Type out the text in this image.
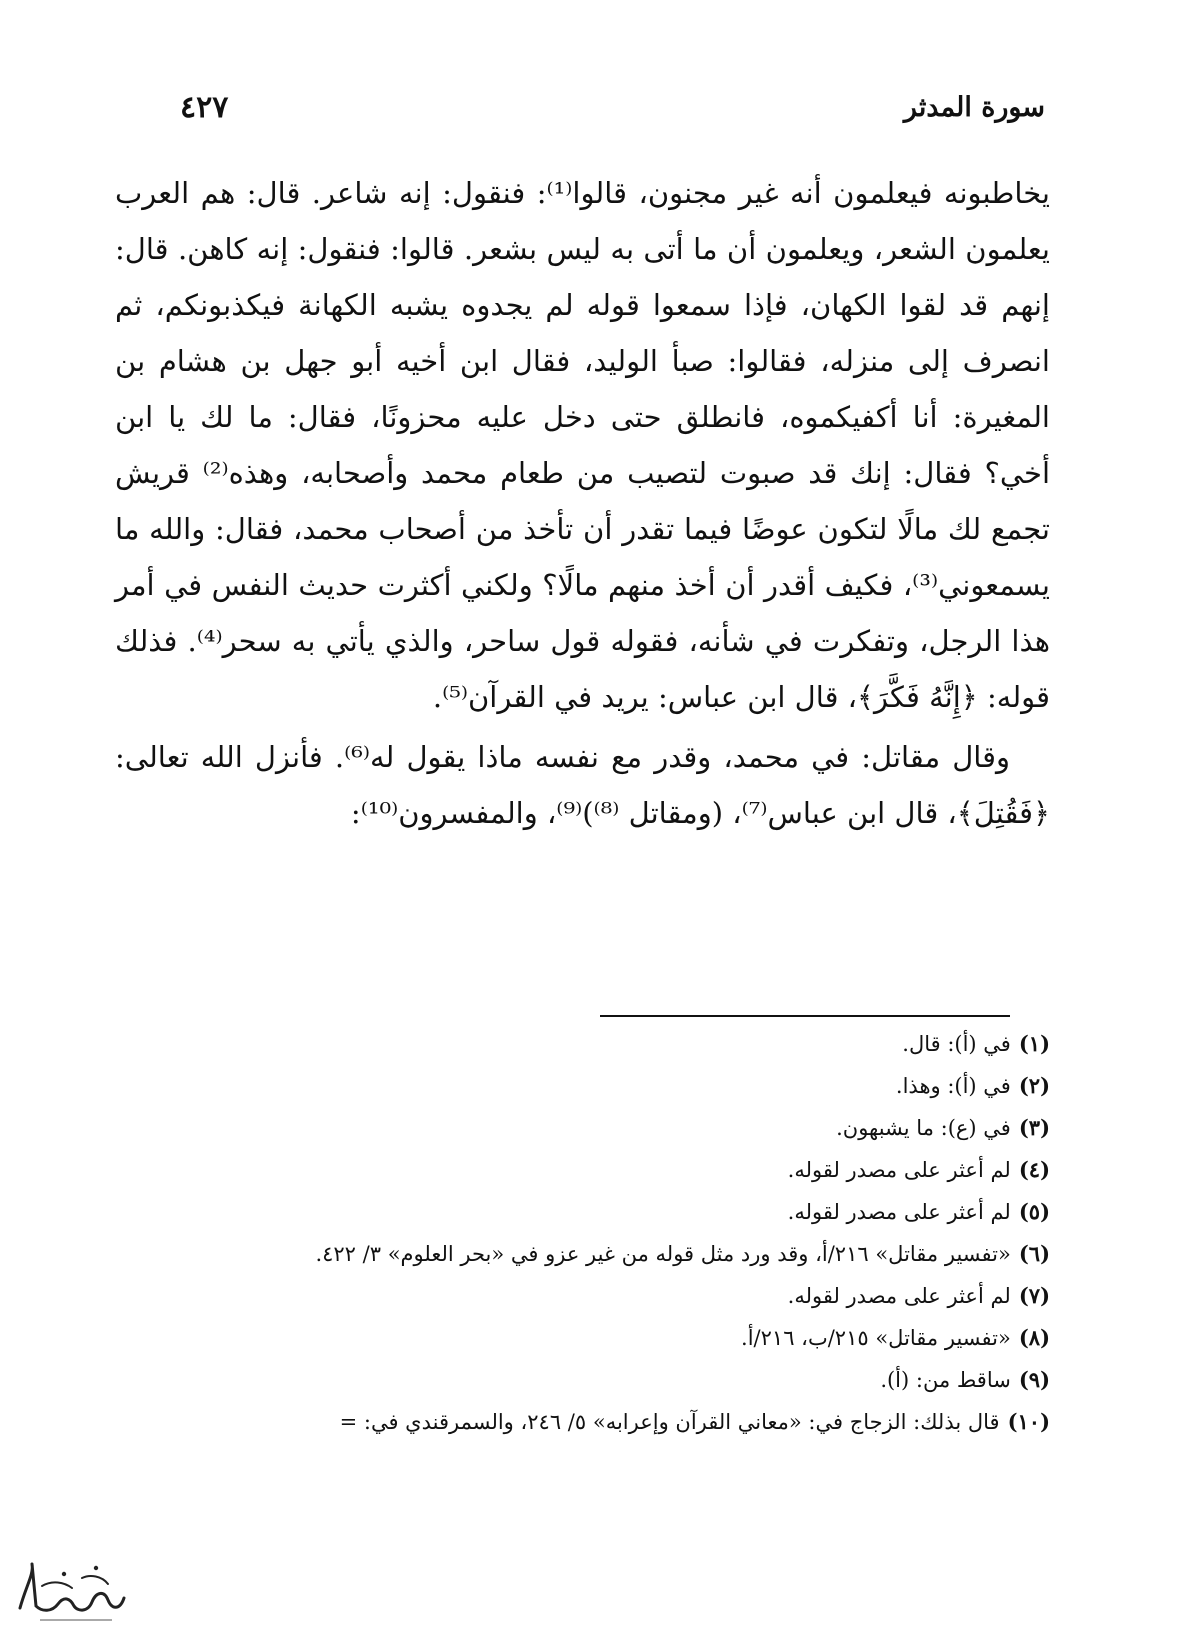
سورة المدثر
٤٢٧

يخاطبونه فيعلمون أنه غير مجنون، قالوا⁽¹⁾: فنقول: إنه شاعر. قال: هم العرب يعلمون الشعر، ويعلمون أن ما أتى به ليس بشعر. قالوا: فنقول: إنه كاهن. قال: إنهم قد لقوا الكهان، فإذا سمعوا قوله لم يجدوه يشبه الكهانة فيكذبونكم، ثم انصرف إلى منزله، فقالوا: صبأ الوليد، فقال ابن أخيه أبو جهل بن هشام بن المغيرة: أنا أكفيكموه، فانطلق حتى دخل عليه محزونًا، فقال: ما لك يا ابن أخي؟ فقال: إنك قد صبوت لتصيب من طعام محمد وأصحابه، وهذه⁽²⁾ قريش تجمع لك مالًا لتكون عوضًا فيما تقدر أن تأخذ من أصحاب محمد، فقال: والله ما يسمعوني⁽³⁾، فكيف أقدر أن أخذ منهم مالًا؟ ولكني أكثرت حديث النفس في أمر هذا الرجل، وتفكرت في شأنه، فقوله قول ساحر، والذي يأتي به سحر⁽⁴⁾. فذلك قوله: ﴿إِنَّهُ فَكَّرَ﴾، قال ابن عباس: يريد في القرآن⁽⁵⁾.

وقال مقاتل: في محمد، وقدر مع نفسه ماذا يقول له⁽⁶⁾. فأنزل الله تعالى: ﴿فَقُتِلَ﴾، قال ابن عباس⁽⁷⁾، (ومقاتل ⁽⁸⁾)⁽⁹⁾، والمفسرون⁽¹⁰⁾:

(١)في (أ): قال.
(٢)في (أ): وهذا.
(٣)في (ع): ما يشبهون.
(٤)لم أعثر على مصدر لقوله.
(٥)لم أعثر على مصدر لقوله.
(٦)«تفسير مقاتل» ٢١٦/أ، وقد ورد مثل قوله من غير عزو في «بحر العلوم» ٣/ ٤٢٢.
(٧)لم أعثر على مصدر لقوله.
(٨)«تفسير مقاتل» ٢١٥/ب، ٢١٦/أ.
(٩)ساقط من: (أ).
(١٠)قال بذلك: الزجاج في: «معاني القرآن وإعرابه» ٥/ ٢٤٦، والسمرقندي في: =
